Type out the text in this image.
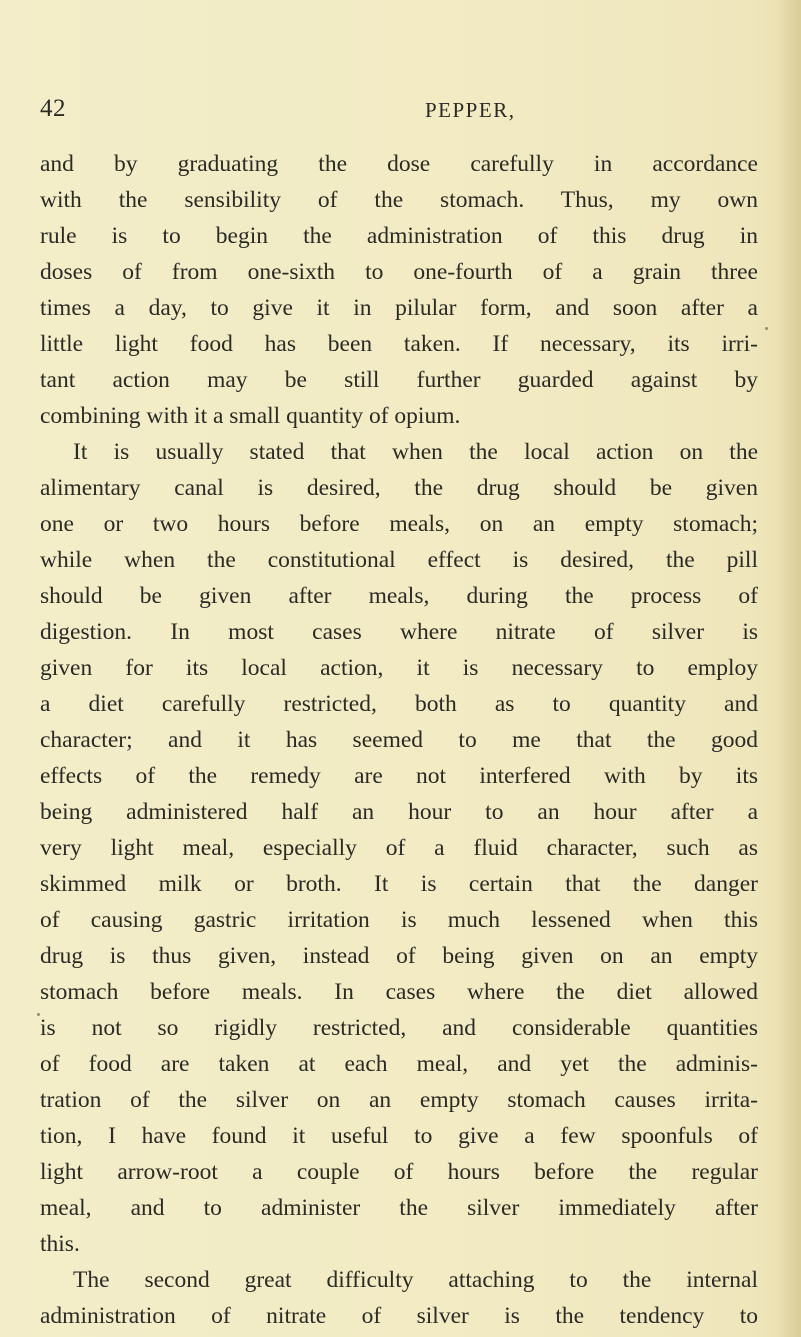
42	PEPPER,
and by graduating the dose carefully in accordance
with the sensibility of the stomach. Thus, my own
rule is to begin the administration of this drug in
doses of from one-sixth to one-fourth of a grain three
times a day, to give it in pilular form, and soon after a
little light food has been taken. If necessary, its irri-
tant action may be still further guarded against by
combining with it a small quantity of opium.
It is usually stated that when the local action on the
alimentary canal is desired, the drug should be given
one or two hours before meals, on an empty stomach;
while when the constitutional effect is desired, the pill
should be given after meals, during the process of
digestion. In most cases where nitrate of silver is
given for its local action, it is necessary to employ
a diet carefully restricted, both as to quantity and
character; and it has seemed to me that the good
effects of the remedy are not interfered with by its
being administered half an hour to an hour after a
very light meal, especially of a fluid character, such as
skimmed milk or broth. It is certain that the danger
of causing gastric irritation is much lessened when this
drug is thus given, instead of being given on an empty
stomach before meals. In cases where the diet allowed
is not so rigidly restricted, and considerable quantities
of food are taken at each meal, and yet the adminis-
tration of the silver on an empty stomach causes irrita-
tion, I have found it useful to give a few spoonfuls of
light arrow-root a couple of hours before the regular
meal, and to administer the silver immediately after
this.
The second great difficulty attaching to the internal
administration of nitrate of silver is the tendency to
